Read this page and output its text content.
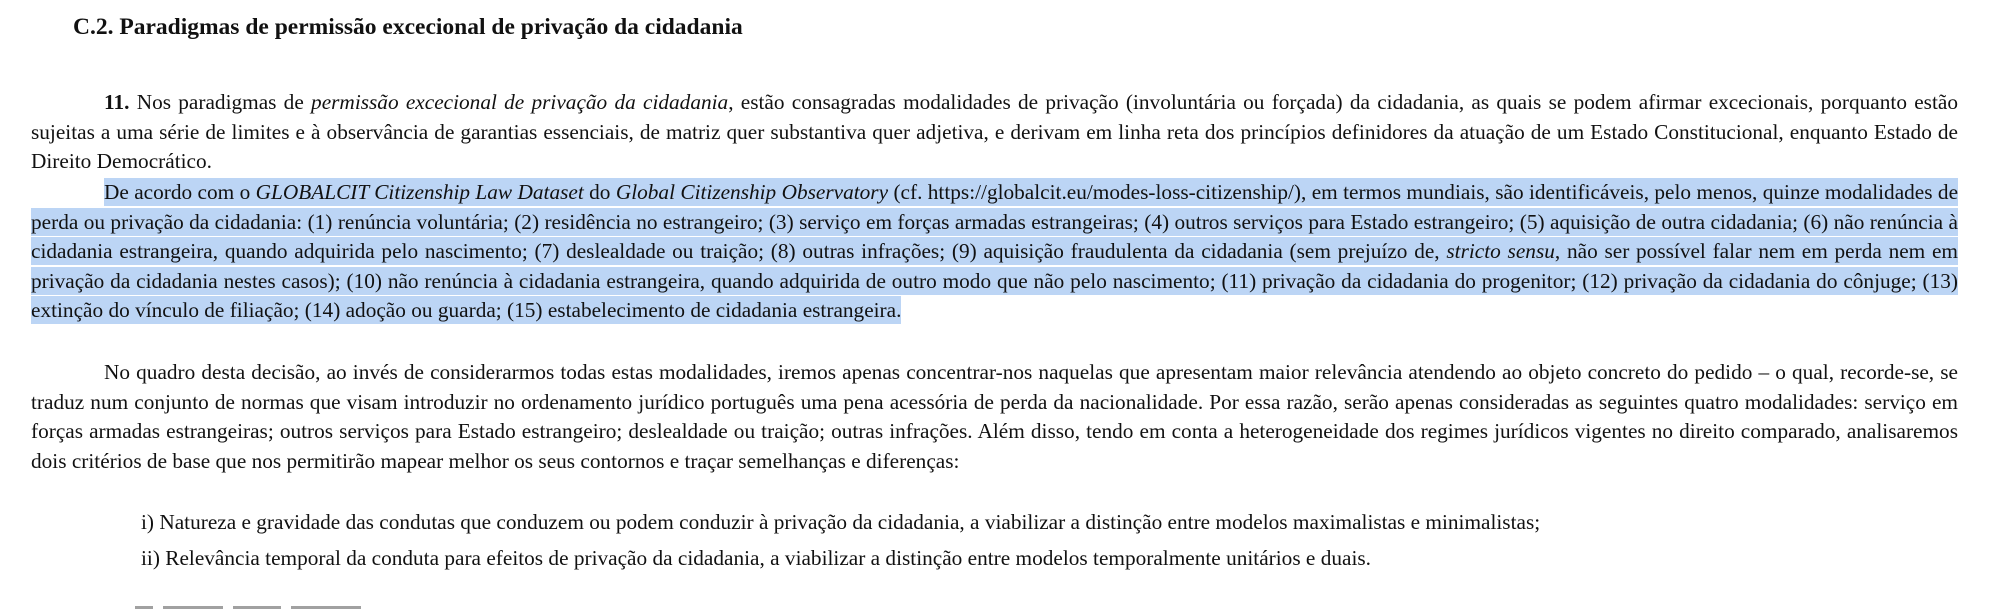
C.2. Paradigmas de permissão excecional de privação da cidadania

11. Nos paradigmas de permissão excecional de privação da cidadania, estão consagradas modalidades de privação (involuntária ou forçada) da cidadania, as quais se podem afirmar excecionais, porquanto estão sujeitas a uma série de limites e à observância de garantias essenciais, de matriz quer substantiva quer adjetiva, e derivam em linha reta dos princípios definidores da atuação de um Estado Constitucional, enquanto Estado de Direito Democrático.

De acordo com o GLOBALCIT Citizenship Law Dataset do Global Citizenship Observatory (cf. https://globalcit.eu/modes-loss-citizenship/), em termos mundiais, são identificáveis, pelo menos, quinze modalidades de perda ou privação da cidadania: (1) renúncia voluntária; (2) residência no estrangeiro; (3) serviço em forças armadas estrangeiras; (4) outros serviços para Estado estrangeiro; (5) aquisição de outra cidadania; (6) não renúncia à cidadania estrangeira, quando adquirida pelo nascimento; (7) deslealdade ou traição; (8) outras infrações; (9) aquisição fraudulenta da cidadania (sem prejuízo de, stricto sensu, não ser possível falar nem em perda nem em privação da cidadania nestes casos); (10) não renúncia à cidadania estrangeira, quando adquirida de outro modo que não pelo nascimento; (11) privação da cidadania do progenitor; (12) privação da cidadania do cônjuge; (13) extinção do vínculo de filiação; (14) adoção ou guarda; (15) estabelecimento de cidadania estrangeira.

No quadro desta decisão, ao invés de considerarmos todas estas modalidades, iremos apenas concentrar-nos naquelas que apresentam maior relevância atendendo ao objeto concreto do pedido – o qual, recorde-se, se traduz num conjunto de normas que visam introduzir no ordenamento jurídico português uma pena acessória de perda da nacionalidade. Por essa razão, serão apenas consideradas as seguintes quatro modalidades: serviço em forças armadas estrangeiras; outros serviços para Estado estrangeiro; deslealdade ou traição; outras infrações. Além disso, tendo em conta a heterogeneidade dos regimes jurídicos vigentes no direito comparado, analisaremos dois critérios de base que nos permitirão mapear melhor os seus contornos e traçar semelhanças e diferenças:

i) Natureza e gravidade das condutas que conduzem ou podem conduzir à privação da cidadania, a viabilizar a distinção entre modelos maximalistas e minimalistas;

ii) Relevância temporal da conduta para efeitos de privação da cidadania, a viabilizar a distinção entre modelos temporalmente unitários e duais.
